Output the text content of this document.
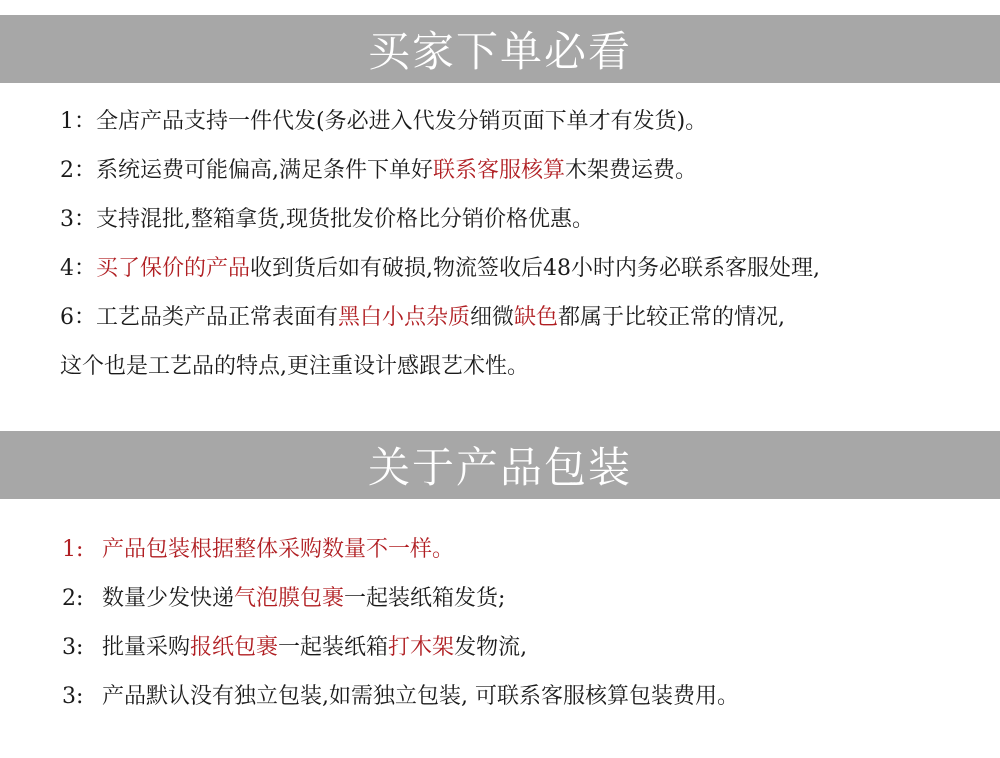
买家下单必看
1：全店产品支持一件代发(务必进入代发分销页面下单才有发货)。
2：系统运费可能偏高,满足条件下单好联系客服核算木架费运费。
3：支持混批,整箱拿货,现货批发价格比分销价格优惠。
4：买了保价的产品收到货后如有破损,物流签收后48小时内务必联系客服处理,
6：工艺品类产品正常表面有黑白小点杂质细微缺色都属于比较正常的情况,
这个也是工艺品的特点,更注重设计感跟艺术性。
关于产品包装
1: 产品包装根据整体采购数量不一样。
2: 数量少发快递气泡膜包裹一起装纸箱发货;
3: 批量采购报纸包裹一起装纸箱打木架发物流,
3: 产品默认没有独立包装,如需独立包装, 可联系客服核算包装费用。
